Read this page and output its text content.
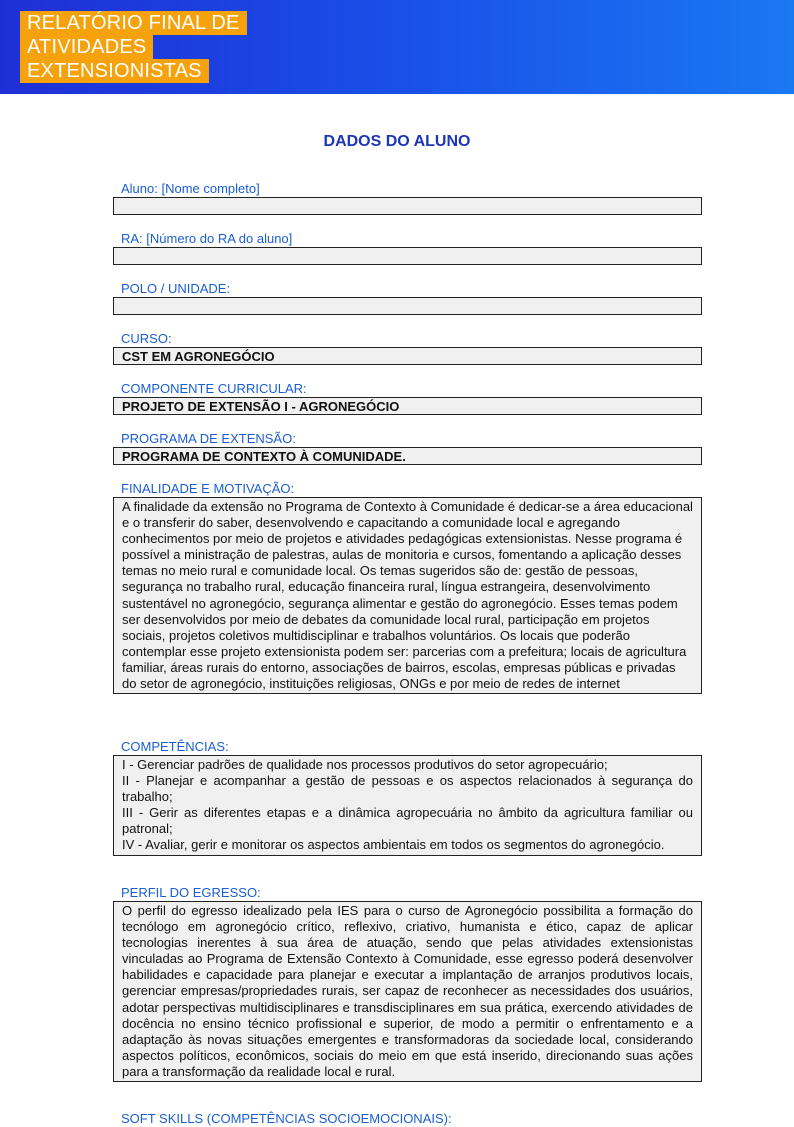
RELATÓRIO FINAL DE
ATIVIDADES
EXTENSIONISTAS
DADOS DO ALUNO
Aluno: [Nome completo]
RA: [Número do RA do aluno]
POLO / UNIDADE:
CURSO:
CST EM AGRONEGÓCIO
COMPONENTE CURRICULAR:
PROJETO DE EXTENSÃO I - AGRONEGÓCIO
PROGRAMA DE EXTENSÃO:
PROGRAMA DE CONTEXTO À COMUNIDADE.
FINALIDADE E MOTIVAÇÃO:
A finalidade da extensão no Programa de Contexto à Comunidade é dedicar-se a área educacional e o transferir do saber, desenvolvendo e capacitando a comunidade local e agregando conhecimentos por meio de projetos e atividades pedagógicas extensionistas. Nesse programa é possível a ministração de palestras, aulas de monitoria e cursos, fomentando a aplicação desses temas no meio rural e comunidade local. Os temas sugeridos são de: gestão de pessoas, segurança no trabalho rural, educação financeira rural, língua estrangeira, desenvolvimento sustentável no agronegócio, segurança alimentar e gestão do agronegócio. Esses temas podem ser desenvolvidos por meio de debates da comunidade local rural, participação em projetos sociais, projetos coletivos multidisciplinar e trabalhos voluntários. Os locais que poderão contemplar esse projeto extensionista podem ser: parcerias com a prefeitura; locais de agricultura familiar, áreas rurais do entorno, associações de bairros, escolas, empresas públicas e privadas do setor de agronegócio, instituições religiosas, ONGs e por meio de redes de internet
COMPETÊNCIAS:
I - Gerenciar padrões de qualidade nos processos produtivos do setor agropecuário;
II - Planejar e acompanhar a gestão de pessoas e os aspectos relacionados à segurança do trabalho;
III - Gerir as diferentes etapas e a dinâmica agropecuária no âmbito da agricultura familiar ou patronal;
IV - Avaliar, gerir e monitorar os aspectos ambientais em todos os segmentos do agronegócio.
PERFIL DO EGRESSO:
O perfil do egresso idealizado pela IES para o curso de Agronegócio possibilita a formação do tecnólogo em agronegócio crítico, reflexivo, criativo, humanista e ético, capaz de aplicar tecnologias inerentes à sua área de atuação, sendo que pelas atividades extensionistas vinculadas ao Programa de Extensão Contexto à Comunidade, esse egresso poderá desenvolver habilidades e capacidade para planejar e executar a implantação de arranjos produtivos locais, gerenciar empresas/propriedades rurais, ser capaz de reconhecer as necessidades dos usuários, adotar perspectivas multidisciplinares e transdisciplinares em sua prática, exercendo atividades de docência no ensino técnico profissional e superior, de modo a permitir o enfrentamento e a adaptação às novas situações emergentes e transformadoras da sociedade local, considerando aspectos políticos, econômicos, sociais do meio em que está inserido, direcionando suas ações para a transformação da realidade local e rural.
SOFT SKILLS (COMPETÊNCIAS SOCIOEMOCIONAIS):
